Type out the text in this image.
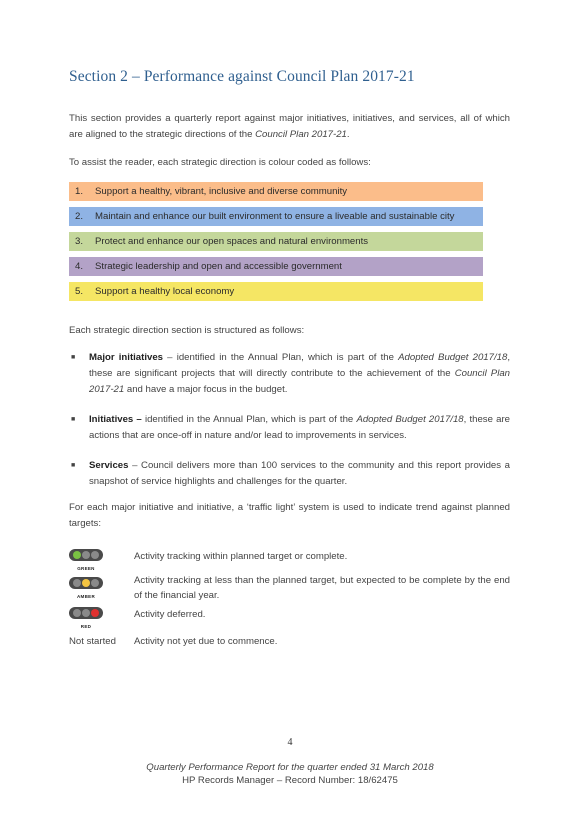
Section 2 – Performance against Council Plan 2017-21

This section provides a quarterly report against major initiatives, initiatives, and services, all of which are aligned to the strategic directions of the Council Plan 2017-21.

To assist the reader, each strategic direction is colour coded as follows:

1. Support a healthy, vibrant, inclusive and diverse community
2. Maintain and enhance our built environment to ensure a liveable and sustainable city
3. Protect and enhance our open spaces and natural environments
4. Strategic leadership and open and accessible government
5. Support a healthy local economy

Each strategic direction section is structured as follows:

■ Major initiatives – identified in the Annual Plan, which is part of the Adopted Budget 2017/18, these are significant projects that will directly contribute to the achievement of the Council Plan 2017-21 and have a major focus in the budget.

■ Initiatives – identified in the Annual Plan, which is part of the Adopted Budget 2017/18, these are actions that are once-off in nature and/or lead to improvements in services.

■ Services – Council delivers more than 100 services to the community and this report provides a snapshot of service highlights and challenges for the quarter.

For each major initiative and initiative, a ‘traffic light’ system is used to indicate trend against planned targets:

GREEN
Activity tracking within planned target or complete.
AMBER
Activity tracking at less than the planned target, but expected to be complete by the end of the financial year.
RED
Activity deferred.
Not started	Activity not yet due to commence.
4
Quarterly Performance Report for the quarter ended 31 March 2018
HP Records Manager – Record Number: 18/62475
